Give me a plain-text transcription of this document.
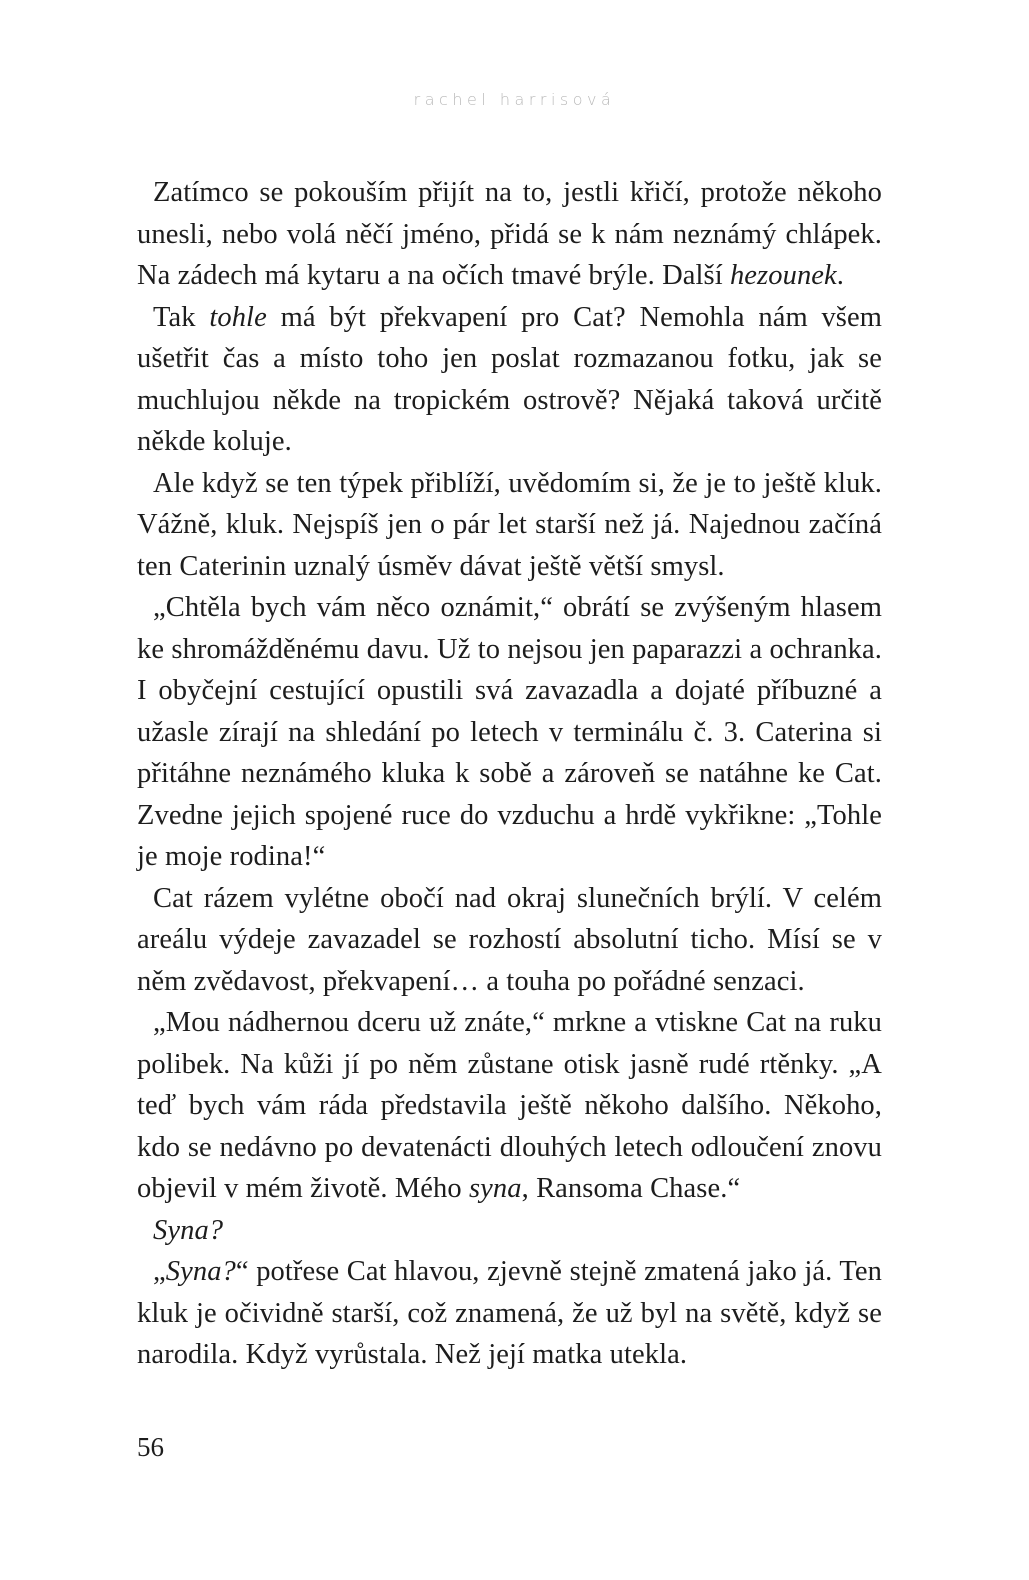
rachel harrisová

Zatímco se pokouším přijít na to, jestli křičí, protože někoho unesli, nebo volá něčí jméno, přidá se k nám neznámý chlápek. Na zádech má kytaru a na očích tmavé brýle. Další hezounek.

Tak tohle má být překvapení pro Cat? Nemohla nám všem ušetřit čas a místo toho jen poslat rozmazanou fotku, jak se muchlujou někde na tropickém ostrově? Nějaká taková určitě někde koluje.

Ale když se ten týpek přiblíží, uvědomím si, že je to ještě kluk. Vážně, kluk. Nejspíš jen o pár let starší než já. Najednou začíná ten Caterinin uznalý úsměv dávat ještě větší smysl.

„Chtěla bych vám něco oznámit,“ obrátí se zvýšeným hlasem ke shromážděnému davu. Už to nejsou jen paparazzi a ochranka. I obyčejní cestující opustili svá zavazadla a dojaté příbuzné a užasle zírají na shledání po letech v terminálu č. 3. Caterina si přitáhne neznámého kluka k sobě a zároveň se natáhne ke Cat. Zvedne jejich spojené ruce do vzduchu a hrdě vykřikne: „Tohle je moje rodina!“

Cat rázem vylétne obočí nad okraj slunečních brýlí. V celém areálu výdeje zavazadel se rozhostí absolutní ticho. Mísí se v něm zvědavost, překvapení… a touha po pořádné senzaci.

„Mou nádhernou dceru už znáte,“ mrkne a vtiskne Cat na ruku polibek. Na kůži jí po něm zůstane otisk jasně rudé rtěnky. „A teď bych vám ráda představila ještě někoho dalšího. Někoho, kdo se nedávno po devatenácti dlouhých letech odloučení znovu objevil v mém životě. Mého syna, Ransoma Chase.“

Syna?

„Syna?“ potřese Cat hlavou, zjevně stejně zmatená jako já. Ten kluk je očividně starší, což znamená, že už byl na světě, když se narodila. Když vyrůstala. Než její matka utekla.

56
